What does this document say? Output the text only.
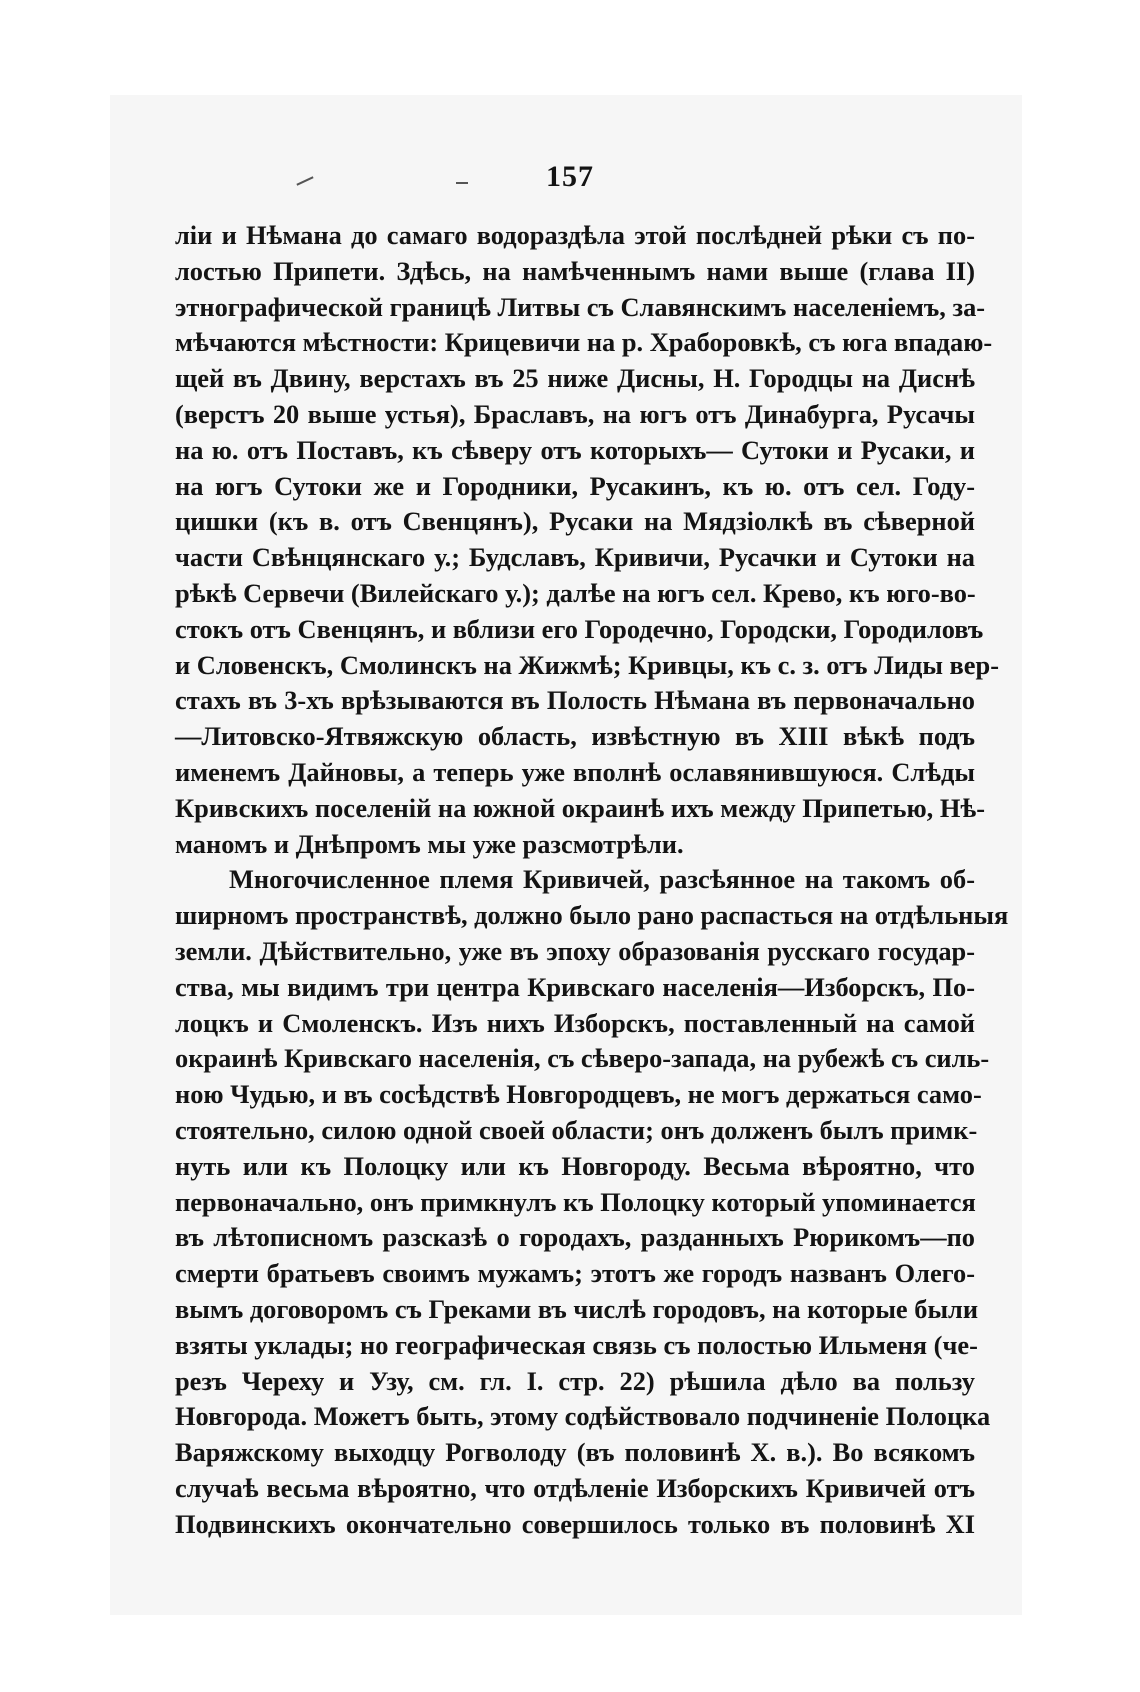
157
лiи и Нѣмана до самаго водораздѣла этой послѣдней рѣки съ по-
лостью Припети. Здѣсь, на намѣченнымъ нами выше (глава II)
этнографической границѣ Литвы съ Славянскимъ населенiемъ, за-
мѣчаются мѣстности: Крицевичи на р. Храборовкѣ, съ юга впадаю-
щей въ Двину, верстахъ въ 25 ниже Дисны, Н. Городцы на Диснѣ
(верстъ 20 выше устья), Браславъ, на югъ отъ Динабурга, Русачы
на ю. отъ Поставъ, къ сѣверу отъ которыхъ— Сутоки и Русаки, и
на югъ Сутоки же и Городники, Русакинъ, къ ю. отъ сел. Году-
цишки (къ в. отъ Свенцянъ), Русаки на Мядзiолкѣ въ сѣверной
части Свѣнцянскаго у.; Будславъ, Кривичи, Русачки и Сутоки на
рѣкѣ Сервечи (Вилейскаго у.); далѣе на югъ сел. Крево, къ юго-во-
стокъ отъ Свенцянъ, и вблизи его Городечно, Городски, Городиловъ
и Словенскъ, Смолинскъ на Жижмѣ; Кривцы, къ с. з. отъ Лиды вер-
стахъ въ 3-хъ врѣзываются въ Полость Нѣмана въ первоначально
—Литовско-Ятвяжскую область, извѣстную въ XIII вѣкѣ подъ
именемъ Дайновы, а теперь уже вполнѣ ославянившуюся. Слѣды
Кривскихъ поселенiй на южной окраинѣ ихъ между Припетью, Нѣ-
маномъ и Днѣпромъ мы уже разсмотрѣли.
Многочисленное племя Кривичей, разсѣянное на такомъ об-
ширномъ пространствѣ, должно было рано распасться на отдѣльныя
земли. Дѣйствительно, уже въ эпоху образованiя русскаго государ-
ства, мы видимъ три центра Кривскаго населенiя—Изборскъ, По-
лоцкъ и Смоленскъ. Изъ нихъ Изборскъ, поставленный на самой
окраинѣ Кривскаго населенiя, съ сѣверо-запада, на рубежѣ съ силь-
ною Чудью, и въ сосѣдствѣ Новгородцевъ, не могъ держаться само-
стоятельно, силою одной своей области; онъ долженъ былъ примк-
нуть или къ Полоцку или къ Новгороду. Весьма вѣроятно, что
первоначально, онъ примкнулъ къ Полоцку который упоминается
въ лѣтописномъ разсказѣ о городахъ, разданныхъ Рюрикомъ—по
смерти братьевъ своимъ мужамъ; этотъ же городъ названъ Олего-
вымъ договоромъ съ Греками въ числѣ городовъ, на которые были
взяты уклады; но географическая связь съ полостью Ильменя (че-
резъ Череху и Узу, см. гл. I. стр. 22) рѣшила дѣло ва пользу
Новгорода. Можетъ быть, этому содѣйствовало подчиненiе Полоцка
Варяжскому выходцу Рогволоду (въ половинѣ X. в.). Во всякомъ
случаѣ весьма вѣроятно, что отдѣленiе Изборскихъ Кривичей отъ
Подвинскихъ окончательно совершилось только въ половинѣ XI
